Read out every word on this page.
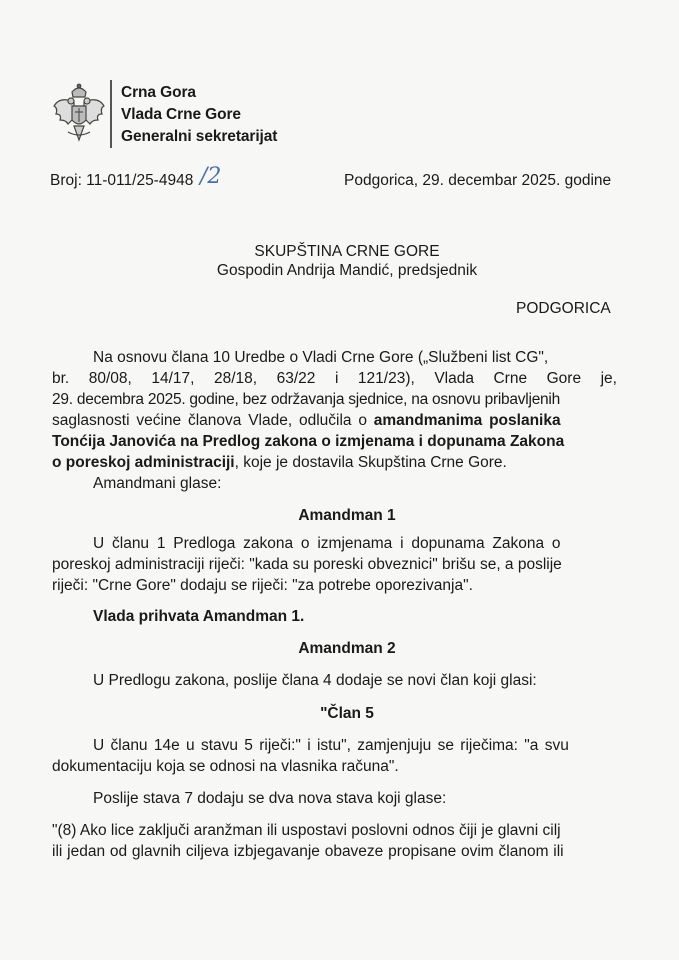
Crna Gora
Vlada Crne Gore
Generalni sekretarijat
Broj: 11-011/25-4948 /2	Podgorica, 29. decembar 2025. godine
SKUPŠTINA CRNE GORE
Gospodin Andrija Mandić, predsjednik
PODGORICA
Na osnovu člana 10 Uredbe o Vladi Crne Gore („Službeni list CG",
br. 80/08, 14/17, 28/18, 63/22 i 121/23), Vlada Crne Gore je,
29. decembra 2025. godine, bez održavanja sjednice, na osnovu pribavljenih
saglasnosti većine članova Vlade, odlučila o amandmanima poslanika
Tonćija Janovića na Predlog zakona o izmjenama i dopunama Zakona
o poreskoj administraciji, koje je dostavila Skupština Crne Gore.
Amandmani glase:
Amandman 1
U članu 1 Predloga zakona o izmjenama i dopunama Zakona o
poreskoj administraciji riječi: "kada su poreski obveznici" brišu se, a poslije
riječi: "Crne Gore" dodaju se riječi: "za potrebe oporezivanja".
Vlada prihvata Amandman 1.
Amandman 2
U Predlogu zakona, poslije člana 4 dodaje se novi član koji glasi:
"Član 5
U članu 14e u stavu 5 riječi:" i istu", zamjenjuju se riječima: "a svu
dokumentaciju koja se odnosi na vlasnika računa".
Poslije stava 7 dodaju se dva nova stava koji glase:
"(8) Ako lice zaključi aranžman ili uspostavi poslovni odnos čiji je glavni cilj
ili jedan od glavnih ciljeva izbjegavanje obaveze propisane ovim članom ili
